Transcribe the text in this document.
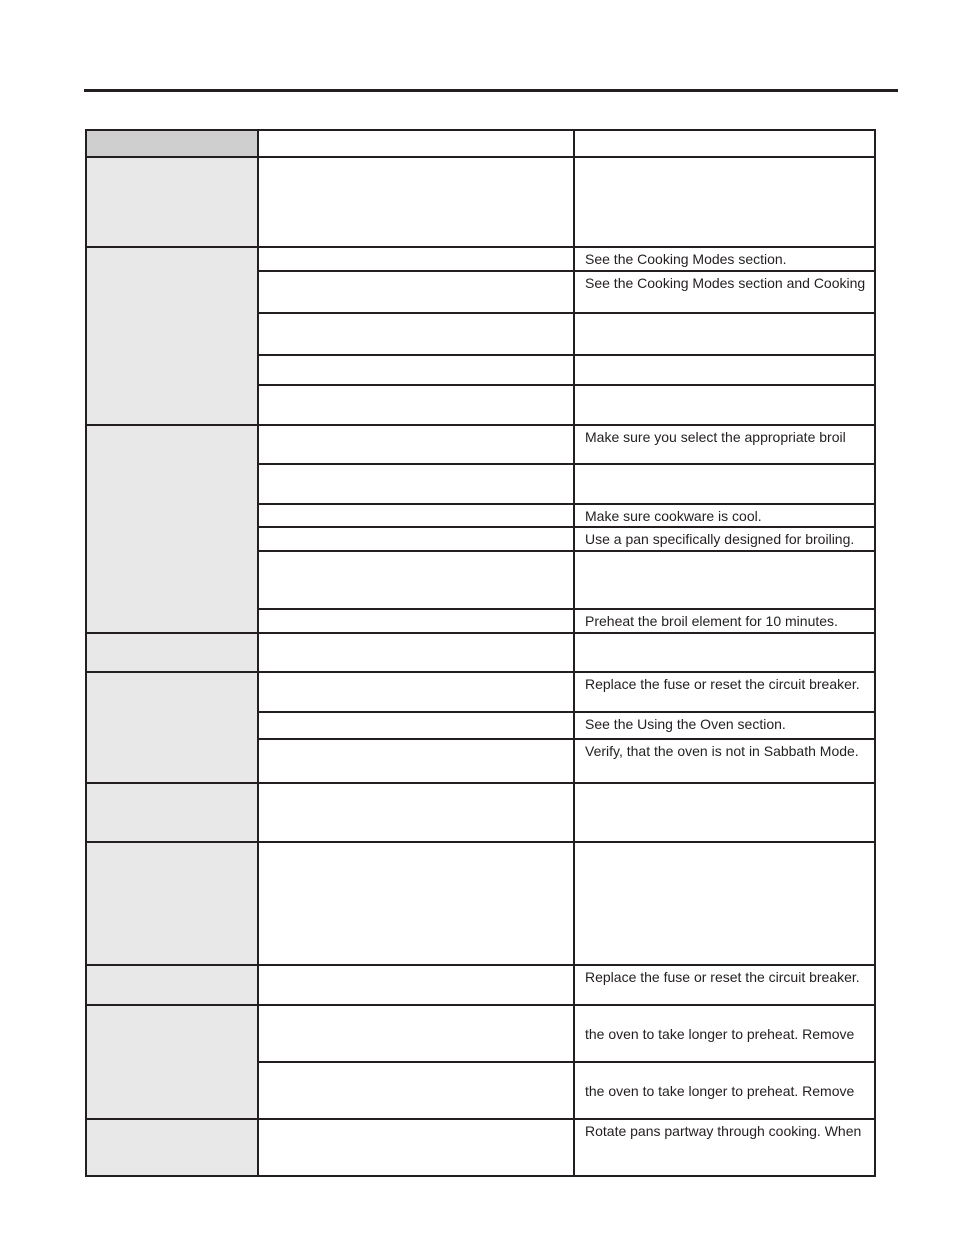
		See the Cooking Modes section.

		See the Cooking Modes section and Cooking

		Make sure you select the appropriate broil

		Make sure cookware is cool.

		Use a pan specifically designed for broiling.

		Preheat the broil element for 10 minutes.

		Replace the fuse or reset the circuit breaker.

		See the Using the Oven section.

		Verify, that the oven is not in Sabbath Mode.

		Replace the fuse or reset the circuit breaker.

		the oven to take longer to preheat. Remove

		the oven to take longer to preheat. Remove

		Rotate pans partway through cooking. When
